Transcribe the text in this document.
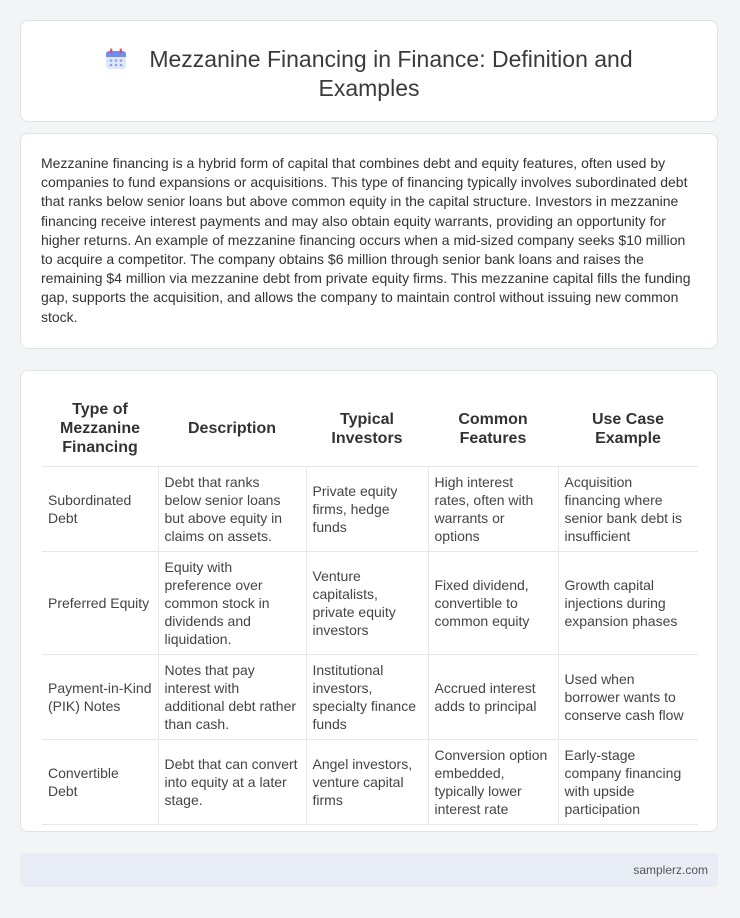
Mezzanine Financing in Finance: Definition and
Examples

Mezzanine financing is a hybrid form of capital that combines debt and equity features, often used by companies to fund expansions or acquisitions. This type of financing typically involves subordinated debt that ranks below senior loans but above common equity in the capital structure. Investors in mezzanine financing receive interest payments and may also obtain equity warrants, providing an opportunity for higher returns. An example of mezzanine financing occurs when a mid-sized company seeks $10 million to acquire a competitor. The company obtains $6 million through senior bank loans and raises the remaining $4 million via mezzanine debt from private equity firms. This mezzanine capital fills the funding gap, supports the acquisition, and allows the company to maintain control without issuing new common stock.

Type of Mezzanine Financing	Description	Typical Investors	Common Features	Use Case Example
Subordinated Debt	Debt that ranks below senior loans but above equity in claims on assets.	Private equity firms, hedge funds	High interest rates, often with warrants or options	Acquisition financing where senior bank debt is insufficient
Preferred Equity	Equity with preference over common stock in dividends and liquidation.	Venture capitalists, private equity investors	Fixed dividend, convertible to common equity	Growth capital injections during expansion phases
Payment-in-Kind (PIK) Notes	Notes that pay interest with additional debt rather than cash.	Institutional investors, specialty finance funds	Accrued interest adds to principal	Used when borrower wants to conserve cash flow
Convertible Debt	Debt that can convert into equity at a later stage.	Angel investors, venture capital firms	Conversion option embedded, typically lower interest rate	Early-stage company financing with upside participation
samplerz.com
